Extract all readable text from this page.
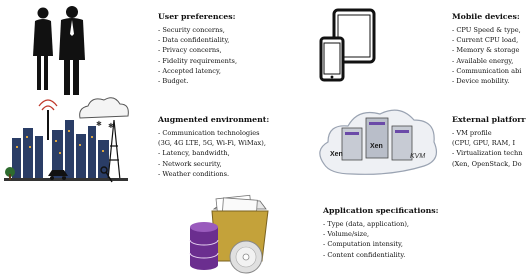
User preferences:
- Security concerns,
- Data confidentiality,
- Privacy concerns,
- Fidelity requirements,
- Accepted latency,
- Budget.
Mobile devices:
- CPU Speed & type,
- Current CPU load,
- Memory & storage
- Available energy,
- Communication abi
- Device mobility.
✱ ✱
Augmented environment:
- Communication technologies
(3G, 4G LTE, 5G, Wi-Fi, WiMax),
- Latency, bandwidth,
- Network security,
- Weather conditions.
Xen
Xen
KVM
External platforr
- VM profile
(CPU, GPU, RAM, I
- Virtualization techn
(Xen, OpenStack, Do
Application specifications:
- Type (data, application),
- Volume/size,
- Computation intensity,
- Content confidentiality.
